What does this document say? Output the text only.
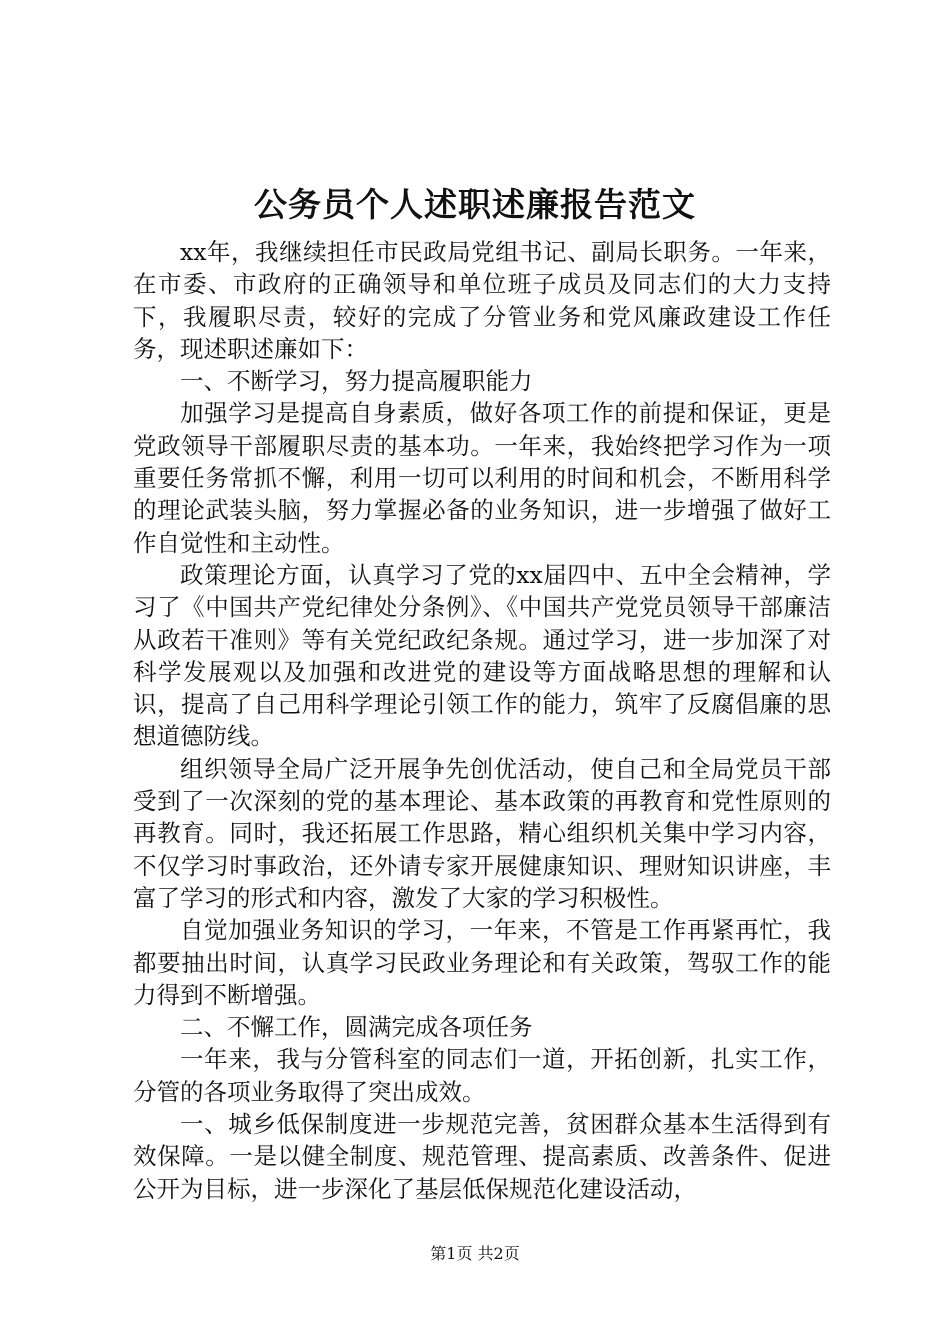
公务员个人述职述廉报告范文

xx年，我继续担任市民政局党组书记、副局长职务。一年来，在市委、市政府的正确领导和单位班子成员及同志们的大力支持下，我履职尽责，较好的完成了分管业务和党风廉政建设工作任务，现述职述廉如下：

一、不断学习，努力提高履职能力

加强学习是提高自身素质，做好各项工作的前提和保证，更是党政领导干部履职尽责的基本功。一年来，我始终把学习作为一项重要任务常抓不懈，利用一切可以利用的时间和机会，不断用科学的理论武装头脑，努力掌握必备的业务知识，进一步增强了做好工作自觉性和主动性。

政策理论方面，认真学习了党的xx届四中、五中全会精神，学习了《中国共产党纪律处分条例》、《中国共产党党员领导干部廉洁从政若干准则》等有关党纪政纪条规。通过学习，进一步加深了对科学发展观以及加强和改进党的建设等方面战略思想的理解和认识，提高了自己用科学理论引领工作的能力，筑牢了反腐倡廉的思想道德防线。

组织领导全局广泛开展争先创优活动，使自己和全局党员干部受到了一次深刻的党的基本理论、基本政策的再教育和党性原则的再教育。同时，我还拓展工作思路，精心组织机关集中学习内容，不仅学习时事政治，还外请专家开展健康知识、理财知识讲座，丰富了学习的形式和内容，激发了大家的学习积极性。

自觉加强业务知识的学习，一年来，不管是工作再紧再忙，我都要抽出时间，认真学习民政业务理论和有关政策，驾驭工作的能力得到不断增强。

二、不懈工作，圆满完成各项任务

一年来，我与分管科室的同志们一道，开拓创新，扎实工作，分管的各项业务取得了突出成效。

一、城乡低保制度进一步规范完善，贫困群众基本生活得到有效保障。一是以健全制度、规范管理、提高素质、改善条件、促进公开为目标，进一步深化了基层低保规范化建设活动，

第1页 共2页
